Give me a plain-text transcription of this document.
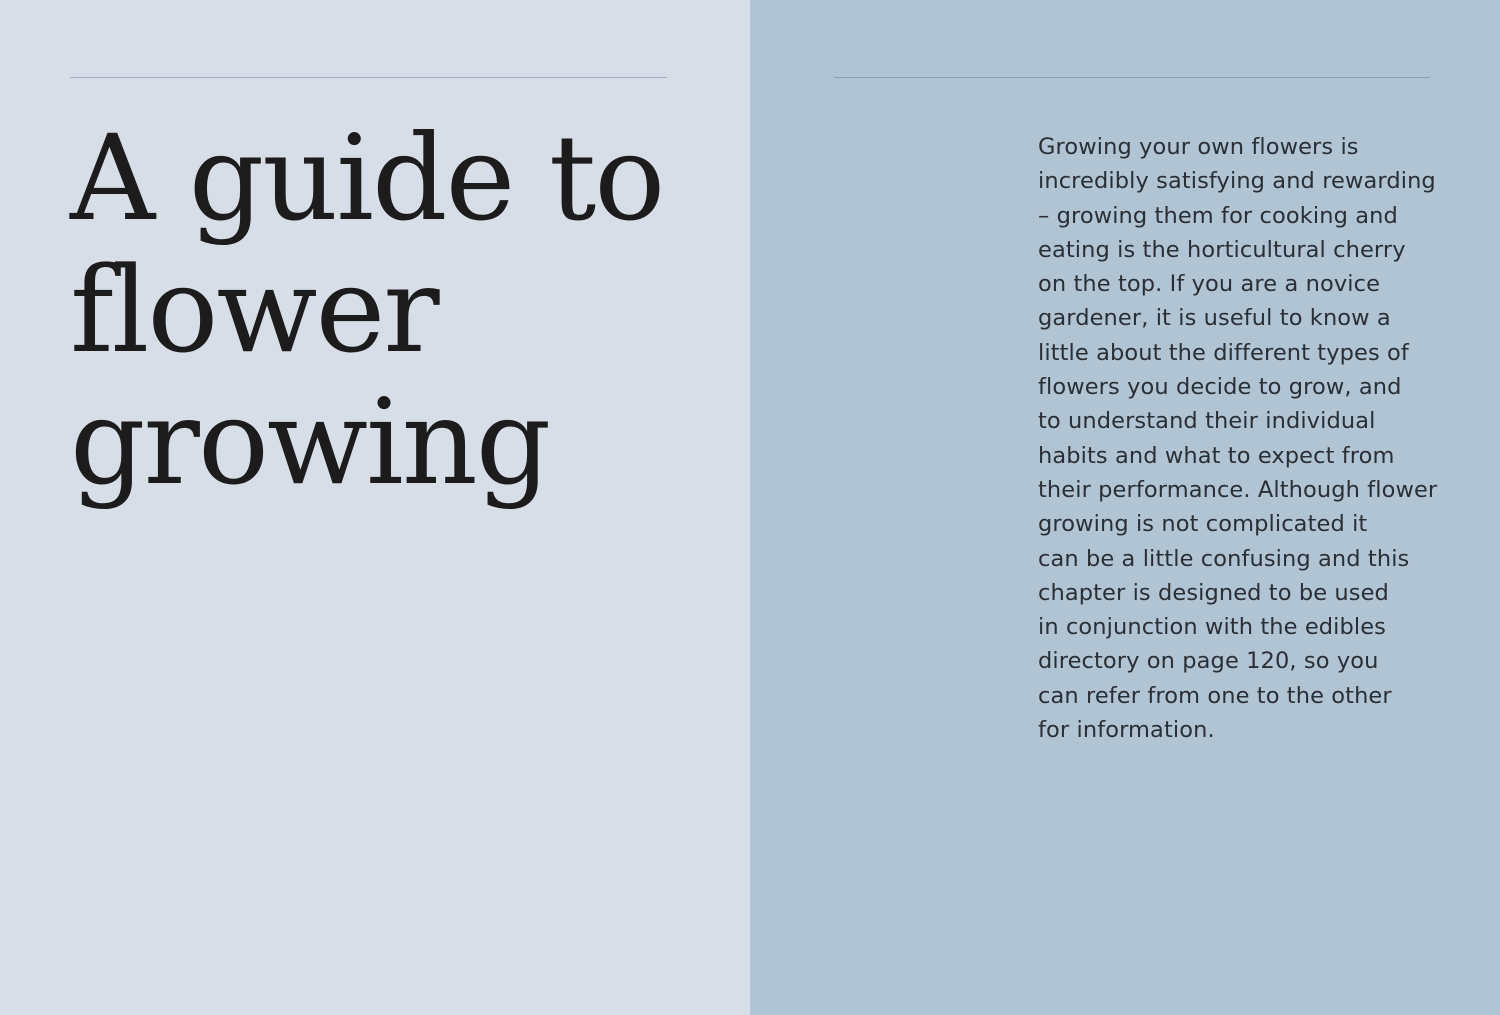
A guide to
flower
growing

Growing your own flowers is
incredibly satisfying and rewarding
– growing them for cooking and
eating is the horticultural cherry
on the top. If you are a novice
gardener, it is useful to know a
little about the different types of
flowers you decide to grow, and
to understand their individual
habits and what to expect from
their performance. Although flower
growing is not complicated it
can be a little confusing and this
chapter is designed to be used
in conjunction with the edibles
directory on page 120, so you
can refer from one to the other
for information.
